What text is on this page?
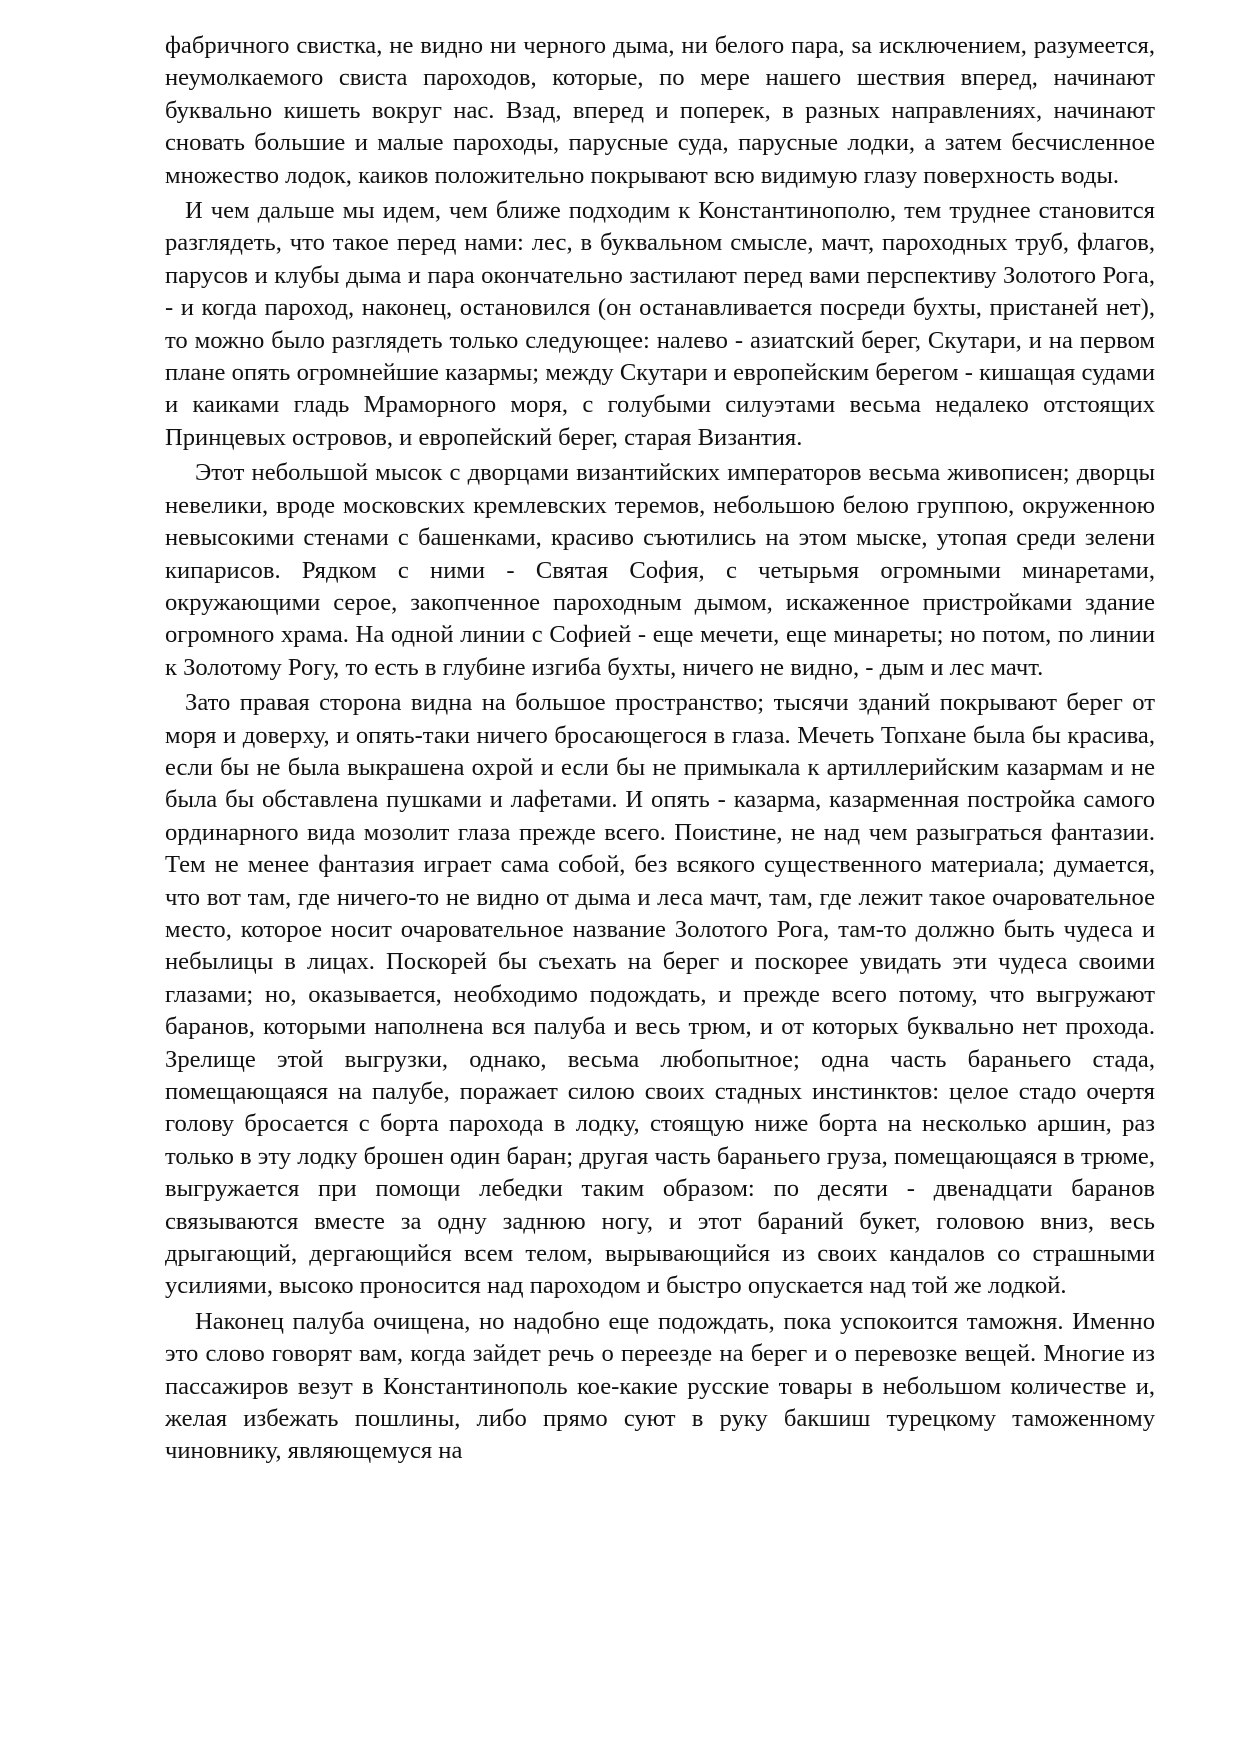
фабричного свистка, не видно ни черного дыма, ни белого пара, sa исключением, разумеется, неумолкаемого свиста пароходов, которые, по мере нашего шествия вперед, начинают буквально кишеть вокруг нас. Взад, вперед и поперек, в разных направлениях, начинают сновать большие и малые пароходы, парусные суда, парусные лодки, а затем бесчисленное множество лодок, каиков положительно покрывают всю видимую глазу поверхность воды.

И чем дальше мы идем, чем ближе подходим к Константинополю, тем труднее становится разглядеть, что такое перед нами: лес, в буквальном смысле, мачт, пароходных труб, флагов, парусов и клубы дыма и пара окончательно застилают перед вами перспективу Золотого Рога, - и когда пароход, наконец, остановился (он останавливается посреди бухты, пристаней нет), то можно было разглядеть только следующее: налево - азиатский берег, Скутари, и на первом плане опять огромнейшие казармы; между Скутари и европейским берегом - кишащая судами и каиками гладь Мраморного моря, с голубыми силуэтами весьма недалеко отстоящих Принцевых островов, и европейский берег, старая Византия.

Этот небольшой мысок с дворцами византийских императоров весьма живописен; дворцы невелики, вроде московских кремлевских теремов, небольшою белою группою, окруженною невысокими стенами с башенками, красиво съютились на этом мыске, утопая среди зелени кипарисов. Рядком с ними - Святая София, с четырьмя огромными минаретами, окружающими серое, закопченное пароходным дымом, искаженное пристройками здание огромного храма. На одной линии с Софией - еще мечети, еще минареты; но потом, по линии к Золотому Рогу, то есть в глубине изгиба бухты, ничего не видно, - дым и лес мачт.

Зато правая сторона видна на большое пространство; тысячи зданий покрывают берег от моря и доверху, и опять-таки ничего бросающегося в глаза. Мечеть Топхане была бы красива, если бы не была выкрашена охрой и если бы не примыкала к артиллерийским казармам и не была бы обставлена пушками и лафетами. И опять - казарма, казарменная постройка самого ординарного вида мозолит глаза прежде всего. Поистине, не над чем разыграться фантазии. Тем не менее фантазия играет сама собой, без всякого существенного материала; думается, что вот там, где ничего-то не видно от дыма и леса мачт, там, где лежит такое очаровательное место, которое носит очаровательное название Золотого Рога, там-то должно быть чудеса и небылицы в лицах. Поскорей бы съехать на берег и поскорее увидать эти чудеса своими глазами; но, оказывается, необходимо подождать, и прежде всего потому, что выгружают баранов, которыми наполнена вся палуба и весь трюм, и от которых буквально нет прохода. Зрелище этой выгрузки, однако, весьма любопытное; одна часть бараньего стада, помещающаяся на палубе, поражает силою своих стадных инстинктов: целое стадо очертя голову бросается с борта парохода в лодку, стоящую ниже борта на несколько аршин, раз только в эту лодку брошен один баран; другая часть бараньего груза, помещающаяся в трюме, выгружается при помощи лебедки таким образом: по десяти - двенадцати баранов связываются вместе за одну заднюю ногу, и этот бараний букет, головою вниз, весь дрыгающий, дергающийся всем телом, вырывающийся из своих кандалов со страшными усилиями, высоко проносится над пароходом и быстро опускается над той же лодкой.

Наконец палуба очищена, но надобно еще подождать, пока успокоится таможня. Именно это слово говорят вам, когда зайдет речь о переезде на берег и о перевозке вещей. Многие из пассажиров везут в Константинополь кое-какие русские товары в небольшом количестве и, желая избежать пошлины, либо прямо суют в руку бакшиш турецкому таможенному чиновнику, являющемуся на
